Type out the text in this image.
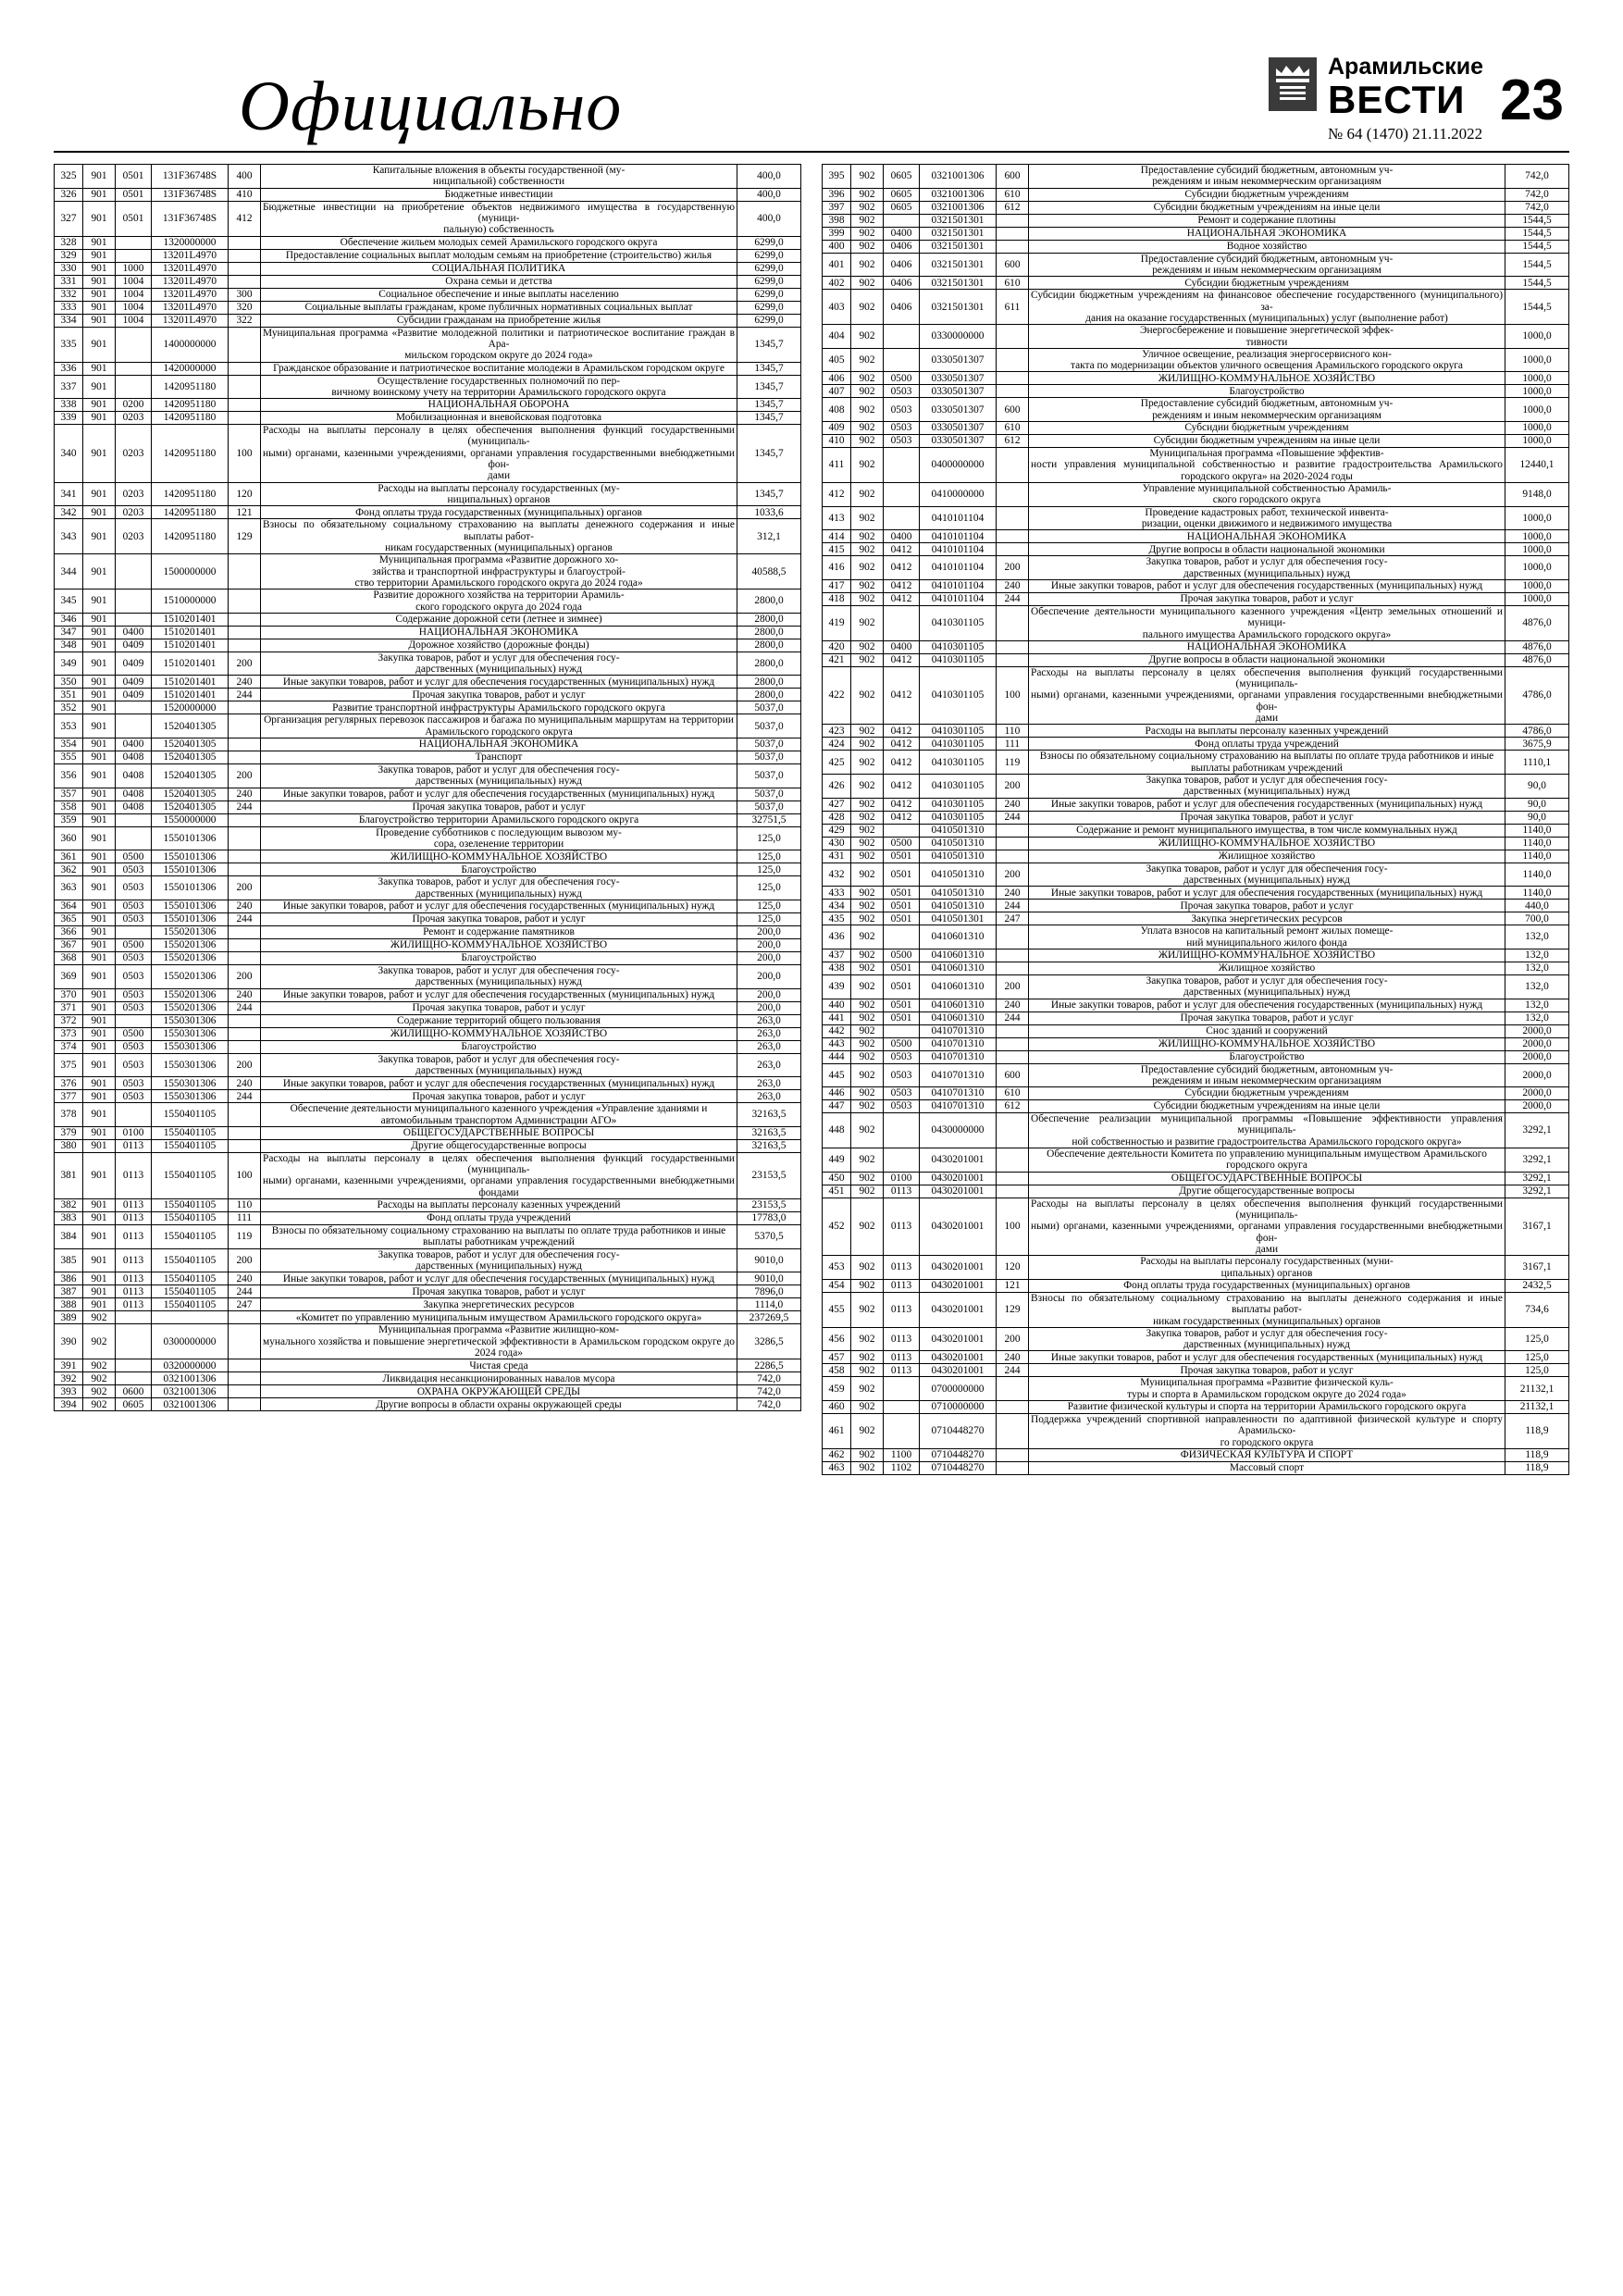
Официально
Арамильские
ВЕСТИ
№ 64 (1470) 21.11.2022
23
325	901	0501	131F36748S	400	Капитальные вложения в объекты государственной (му-
ниципальной) собственности	400,0
326	901	0501	131F36748S	410	Бюджетные инвестиции	400,0
327	901	0501	131F36748S	412	Бюджетные инвестиции на приобретение объектов недвижимого имущества в государственную (муници-
пальную) собственность	400,0
328	901		1320000000		Обеспечение жильем молодых семей Арамильского городского округа	6299,0
329	901		13201L4970		Предоставление социальных выплат молодым семьям на приобретение (строительство) жилья	6299,0
330	901	1000	13201L4970		СОЦИАЛЬНАЯ ПОЛИТИКА	6299,0
331	901	1004	13201L4970		Охрана семьи и детства	6299,0
332	901	1004	13201L4970	300	Социальное обеспечение и иные выплаты населению	6299,0
333	901	1004	13201L4970	320	Социальные выплаты гражданам, кроме публичных нормативных социальных выплат	6299,0
334	901	1004	13201L4970	322	Субсидии гражданам на приобретение жилья	6299,0
335	901		1400000000		Муниципальная программа «Развитие молодежной политики и патриотическое воспитание граждан в Ара-
мильском городском округе до 2024 года»	1345,7
336	901		1420000000		Гражданское образование и патриотическое воспитание молодежи в Арамильском городском округе	1345,7
337	901		1420951180		Осуществление государственных полномочий по пер-
вичному воинскому учету на территории Арамильского городского округа	1345,7
338	901	0200	1420951180		НАЦИОНАЛЬНАЯ ОБОРОНА	1345,7
339	901	0203	1420951180		Мобилизационная и вневойсковая подготовка	1345,7
340	901	0203	1420951180	100	Расходы на выплаты персоналу в целях обеспечения выполнения функций государственными (муниципаль-
ными) органами, казенными учреждениями, органами управления государственными внебюджетными фон-
дами	1345,7
341	901	0203	1420951180	120	Расходы на выплаты персоналу государственных (му-
ниципальных) органов	1345,7
342	901	0203	1420951180	121	Фонд оплаты труда государственных (муниципальных) органов	1033,6
343	901	0203	1420951180	129	Взносы по обязательному социальному страхованию на выплаты денежного содержания и иные выплаты работ-
никам государственных (муниципальных) органов	312,1
344	901		1500000000		Муниципальная программа «Развитие дорожного хо-
зяйства и транспортной инфраструктуры и благоустрой-
ство территории Арамильского городского округа до 2024 года»	40588,5
345	901		1510000000		Развитие дорожного хозяйства на территории Арамиль-
ского городского округа до 2024 года	2800,0
346	901		1510201401		Содержание дорожной сети (летнее и зимнее)	2800,0
347	901	0400	1510201401		НАЦИОНАЛЬНАЯ ЭКОНОМИКА	2800,0
348	901	0409	1510201401		Дорожное хозяйство (дорожные фонды)	2800,0
349	901	0409	1510201401	200	Закупка товаров, работ и услуг для обеспечения госу-
дарственных (муниципальных) нужд	2800,0
350	901	0409	1510201401	240	Иные закупки товаров, работ и услуг для обеспечения государственных (муниципальных) нужд	2800,0
351	901	0409	1510201401	244	Прочая закупка товаров, работ и услуг	2800,0
352	901		1520000000		Развитие транспортной инфраструктуры Арамильского городского округа	5037,0
353	901		1520401305		Организация регулярных перевозок пассажиров и багажа по муниципальным маршрутам на территории Арамильского городского округа	5037,0
354	901	0400	1520401305		НАЦИОНАЛЬНАЯ ЭКОНОМИКА	5037,0
355	901	0408	1520401305		Транспорт	5037,0
356	901	0408	1520401305	200	Закупка товаров, работ и услуг для обеспечения госу-
дарственных (муниципальных) нужд	5037,0
357	901	0408	1520401305	240	Иные закупки товаров, работ и услуг для обеспечения государственных (муниципальных) нужд	5037,0
358	901	0408	1520401305	244	Прочая закупка товаров, работ и услуг	5037,0
359	901		1550000000		Благоустройство территории Арамильского городского округа	32751,5
360	901		1550101306		Проведение субботников с последующим вывозом му-
сора, озеленение территории	125,0
361	901	0500	1550101306		ЖИЛИЩНО-КОММУНАЛЬНОЕ ХОЗЯЙСТВО	125,0
362	901	0503	1550101306		Благоустройство	125,0
363	901	0503	1550101306	200	Закупка товаров, работ и услуг для обеспечения госу-
дарственных (муниципальных) нужд	125,0
364	901	0503	1550101306	240	Иные закупки товаров, работ и услуг для обеспечения государственных (муниципальных) нужд	125,0
365	901	0503	1550101306	244	Прочая закупка товаров, работ и услуг	125,0
366	901		1550201306		Ремонт и содержание памятников	200,0
367	901	0500	1550201306		ЖИЛИЩНО-КОММУНАЛЬНОЕ ХОЗЯЙСТВО	200,0
368	901	0503	1550201306		Благоустройство	200,0
369	901	0503	1550201306	200	Закупка товаров, работ и услуг для обеспечения госу-
дарственных (муниципальных) нужд	200,0
370	901	0503	1550201306	240	Иные закупки товаров, работ и услуг для обеспечения государственных (муниципальных) нужд	200,0
371	901	0503	1550201306	244	Прочая закупка товаров, работ и услуг	200,0
372	901		1550301306		Содержание территорий общего пользования	263,0
373	901	0500	1550301306		ЖИЛИЩНО-КОММУНАЛЬНОЕ ХОЗЯЙСТВО	263,0
374	901	0503	1550301306		Благоустройство	263,0
375	901	0503	1550301306	200	Закупка товаров, работ и услуг для обеспечения госу-
дарственных (муниципальных) нужд	263,0
376	901	0503	1550301306	240	Иные закупки товаров, работ и услуг для обеспечения государственных (муниципальных) нужд	263,0
377	901	0503	1550301306	244	Прочая закупка товаров, работ и услуг	263,0
378	901		1550401105		Обеспечение деятельности муниципального казенного учреждения «Управление зданиями и автомобильным транспортом Администрации АГО»	32163,5
379	901	0100	1550401105		ОБЩЕГОСУДАРСТВЕННЫЕ ВОПРОСЫ	32163,5
380	901	0113	1550401105		Другие общегосударственные вопросы	32163,5
381	901	0113	1550401105	100	Расходы на выплаты персоналу в целях обеспечения выполнения функций государственными (муниципаль-
ными) органами, казенными учреждениями, органами управления государственными внебюджетными фондами	23153,5
382	901	0113	1550401105	110	Расходы на выплаты персоналу казенных учреждений	23153,5
383	901	0113	1550401105	111	Фонд оплаты труда учреждений	17783,0
384	901	0113	1550401105	119	Взносы по обязательному социальному страхованию на выплаты по оплате труда работников и иные выплаты работникам учреждений	5370,5
385	901	0113	1550401105	200	Закупка товаров, работ и услуг для обеспечения госу-
дарственных (муниципальных) нужд	9010,0
386	901	0113	1550401105	240	Иные закупки товаров, работ и услуг для обеспечения государственных (муниципальных) нужд	9010,0
387	901	0113	1550401105	244	Прочая закупка товаров, работ и услуг	7896,0
388	901	0113	1550401105	247	Закупка энергетических ресурсов	1114,0
389	902				«Комитет по управлению муниципальным имуществом Арамильского городского округа»	237269,5
390	902		0300000000		Муниципальная программа «Развитие жилищно-ком-
мунального хозяйства и повышение энергетической эффективности в Арамильском городском округе до 2024 года»	3286,5
391	902		0320000000		Чистая среда	2286,5
392	902		0321001306		Ликвидация несанкционированных навалов мусора	742,0
393	902	0600	0321001306		ОХРАНА ОКРУЖАЮЩЕЙ СРЕДЫ	742,0
394	902	0605	0321001306		Другие вопросы в области охраны окружающей среды	742,0
395	902	0605	0321001306	600	Предоставление субсидий бюджетным, автономным уч-
реждениям и иным некоммерческим организациям	742,0
396	902	0605	0321001306	610	Субсидии бюджетным учреждениям	742,0
397	902	0605	0321001306	612	Субсидии бюджетным учреждениям на иные цели	742,0
398	902		0321501301		Ремонт и содержание плотины	1544,5
399	902	0400	0321501301		НАЦИОНАЛЬНАЯ ЭКОНОМИКА	1544,5
400	902	0406	0321501301		Водное хозяйство	1544,5
401	902	0406	0321501301	600	Предоставление субсидий бюджетным, автономным уч-
реждениям и иным некоммерческим организациям	1544,5
402	902	0406	0321501301	610	Субсидии бюджетным учреждениям	1544,5
403	902	0406	0321501301	611	Субсидии бюджетным учреждениям на финансовое обеспечение государственного (муниципального) за-
дания на оказание государственных (муниципальных) услуг (выполнение работ)	1544,5
404	902		0330000000		Энергосбережение и повышение энергетической эффек-
тивности	1000,0
405	902		0330501307		Уличное освещение, реализация энергосервисного кон-
такта по модернизации объектов уличного освещения Арамильского городского округа	1000,0
406	902	0500	0330501307		ЖИЛИЩНО-КОММУНАЛЬНОЕ ХОЗЯЙСТВО	1000,0
407	902	0503	0330501307		Благоустройство	1000,0
408	902	0503	0330501307	600	Предоставление субсидий бюджетным, автономным уч-
реждениям и иным некоммерческим организациям	1000,0
409	902	0503	0330501307	610	Субсидии бюджетным учреждениям	1000,0
410	902	0503	0330501307	612	Субсидии бюджетным учреждениям на иные цели	1000,0
411	902		0400000000		Муниципальная программа «Повышение эффектив-
ности управления муниципальной собственностью и развитие градостроительства Арамильского городского округа» на 2020-2024 годы	12440,1
412	902		0410000000		Управление муниципальной собственностью Арамиль-
ского городского округа	9148,0
413	902		0410101104		Проведение кадастровых работ, технической инвента-
ризации, оценки движимого и недвижимого имущества	1000,0
414	902	0400	0410101104		НАЦИОНАЛЬНАЯ ЭКОНОМИКА	1000,0
415	902	0412	0410101104		Другие вопросы в области национальной экономики	1000,0
416	902	0412	0410101104	200	Закупка товаров, работ и услуг для обеспечения госу-
дарственных (муниципальных) нужд	1000,0
417	902	0412	0410101104	240	Иные закупки товаров, работ и услуг для обеспечения государственных (муниципальных) нужд	1000,0
418	902	0412	0410101104	244	Прочая закупка товаров, работ и услуг	1000,0
419	902		0410301105		Обеспечение деятельности муниципального казенного учреждения «Центр земельных отношений и муници-
пального имущества Арамильского городского округа»	4876,0
420	902	0400	0410301105		НАЦИОНАЛЬНАЯ ЭКОНОМИКА	4876,0
421	902	0412	0410301105		Другие вопросы в области национальной экономики	4876,0
422	902	0412	0410301105	100	Расходы на выплаты персоналу в целях обеспечения выполнения функций государственными (муниципаль-
ными) органами, казенными учреждениями, органами управления государственными внебюджетными фон-
дами	4786,0
423	902	0412	0410301105	110	Расходы на выплаты персоналу казенных учреждений	4786,0
424	902	0412	0410301105	111	Фонд оплаты труда учреждений	3675,9
425	902	0412	0410301105	119	Взносы по обязательному социальному страхованию на выплаты по оплате труда работников и иные выплаты работникам учреждений	1110,1
426	902	0412	0410301105	200	Закупка товаров, работ и услуг для обеспечения госу-
дарственных (муниципальных) нужд	90,0
427	902	0412	0410301105	240	Иные закупки товаров, работ и услуг для обеспечения государственных (муниципальных) нужд	90,0
428	902	0412	0410301105	244	Прочая закупка товаров, работ и услуг	90,0
429	902		0410501310		Содержание и ремонт муниципального имущества, в том числе коммунальных нужд	1140,0
430	902	0500	0410501310		ЖИЛИЩНО-КОММУНАЛЬНОЕ ХОЗЯЙСТВО	1140,0
431	902	0501	0410501310		Жилищное хозяйство	1140,0
432	902	0501	0410501310	200	Закупка товаров, работ и услуг для обеспечения госу-
дарственных (муниципальных) нужд	1140,0
433	902	0501	0410501310	240	Иные закупки товаров, работ и услуг для обеспечения государственных (муниципальных) нужд	1140,0
434	902	0501	0410501310	244	Прочая закупка товаров, работ и услуг	440,0
435	902	0501	0410501301	247	Закупка энергетических ресурсов	700,0
436	902		0410601310		Уплата взносов на капитальный ремонт жилых помеще-
ний муниципального жилого фонда	132,0
437	902	0500	0410601310		ЖИЛИЩНО-КОММУНАЛЬНОЕ ХОЗЯЙСТВО	132,0
438	902	0501	0410601310		Жилищное хозяйство	132,0
439	902	0501	0410601310	200	Закупка товаров, работ и услуг для обеспечения госу-
дарственных (муниципальных) нужд	132,0
440	902	0501	0410601310	240	Иные закупки товаров, работ и услуг для обеспечения государственных (муниципальных) нужд	132,0
441	902	0501	0410601310	244	Прочая закупка товаров, работ и услуг	132,0
442	902		0410701310		Снос зданий и сооружений	2000,0
443	902	0500	0410701310		ЖИЛИЩНО-КОММУНАЛЬНОЕ ХОЗЯЙСТВО	2000,0
444	902	0503	0410701310		Благоустройство	2000,0
445	902	0503	0410701310	600	Предоставление субсидий бюджетным, автономным уч-
реждениям и иным некоммерческим организациям	2000,0
446	902	0503	0410701310	610	Субсидии бюджетным учреждениям	2000,0
447	902	0503	0410701310	612	Субсидии бюджетным учреждениям на иные цели	2000,0
448	902		0430000000		Обеспечение реализации муниципальной программы «Повышение эффективности управления муниципаль-
ной собственностью и развитие градостроительства Арамильского городского округа»	3292,1
449	902		0430201001		Обеспечение деятельности Комитета по управлению муниципальным имуществом Арамильского городского округа	3292,1
450	902	0100	0430201001		ОБЩЕГОСУДАРСТВЕННЫЕ ВОПРОСЫ	3292,1
451	902	0113	0430201001		Другие общегосударственные вопросы	3292,1
452	902	0113	0430201001	100	Расходы на выплаты персоналу в целях обеспечения выполнения функций государственными (муниципаль-
ными) органами, казенными учреждениями, органами управления государственными внебюджетными фон-
дами	3167,1
453	902	0113	0430201001	120	Расходы на выплаты персоналу государственных (муни-
ципальных) органов	3167,1
454	902	0113	0430201001	121	Фонд оплаты труда государственных (муниципальных) органов	2432,5
455	902	0113	0430201001	129	Взносы по обязательному социальному страхованию на выплаты денежного содержания и иные выплаты работ-
никам государственных (муниципальных) органов	734,6
456	902	0113	0430201001	200	Закупка товаров, работ и услуг для обеспечения госу-
дарственных (муниципальных) нужд	125,0
457	902	0113	0430201001	240	Иные закупки товаров, работ и услуг для обеспечения государственных (муниципальных) нужд	125,0
458	902	0113	0430201001	244	Прочая закупка товаров, работ и услуг	125,0
459	902		0700000000		Муниципальная программа «Развитие физической куль-
туры и спорта в Арамильском городском округе до 2024 года»	21132,1
460	902		0710000000		Развитие физической культуры и спорта на территории Арамильского городского округа	21132,1
461	902		0710448270		Поддержка учреждений спортивной направленности по адаптивной физической культуре и спорту Арамильско-
го городского округа	118,9
462	902	1100	0710448270		ФИЗИЧЕСКАЯ КУЛЬТУРА И СПОРТ	118,9
463	902	1102	0710448270		Массовый спорт	118,9
